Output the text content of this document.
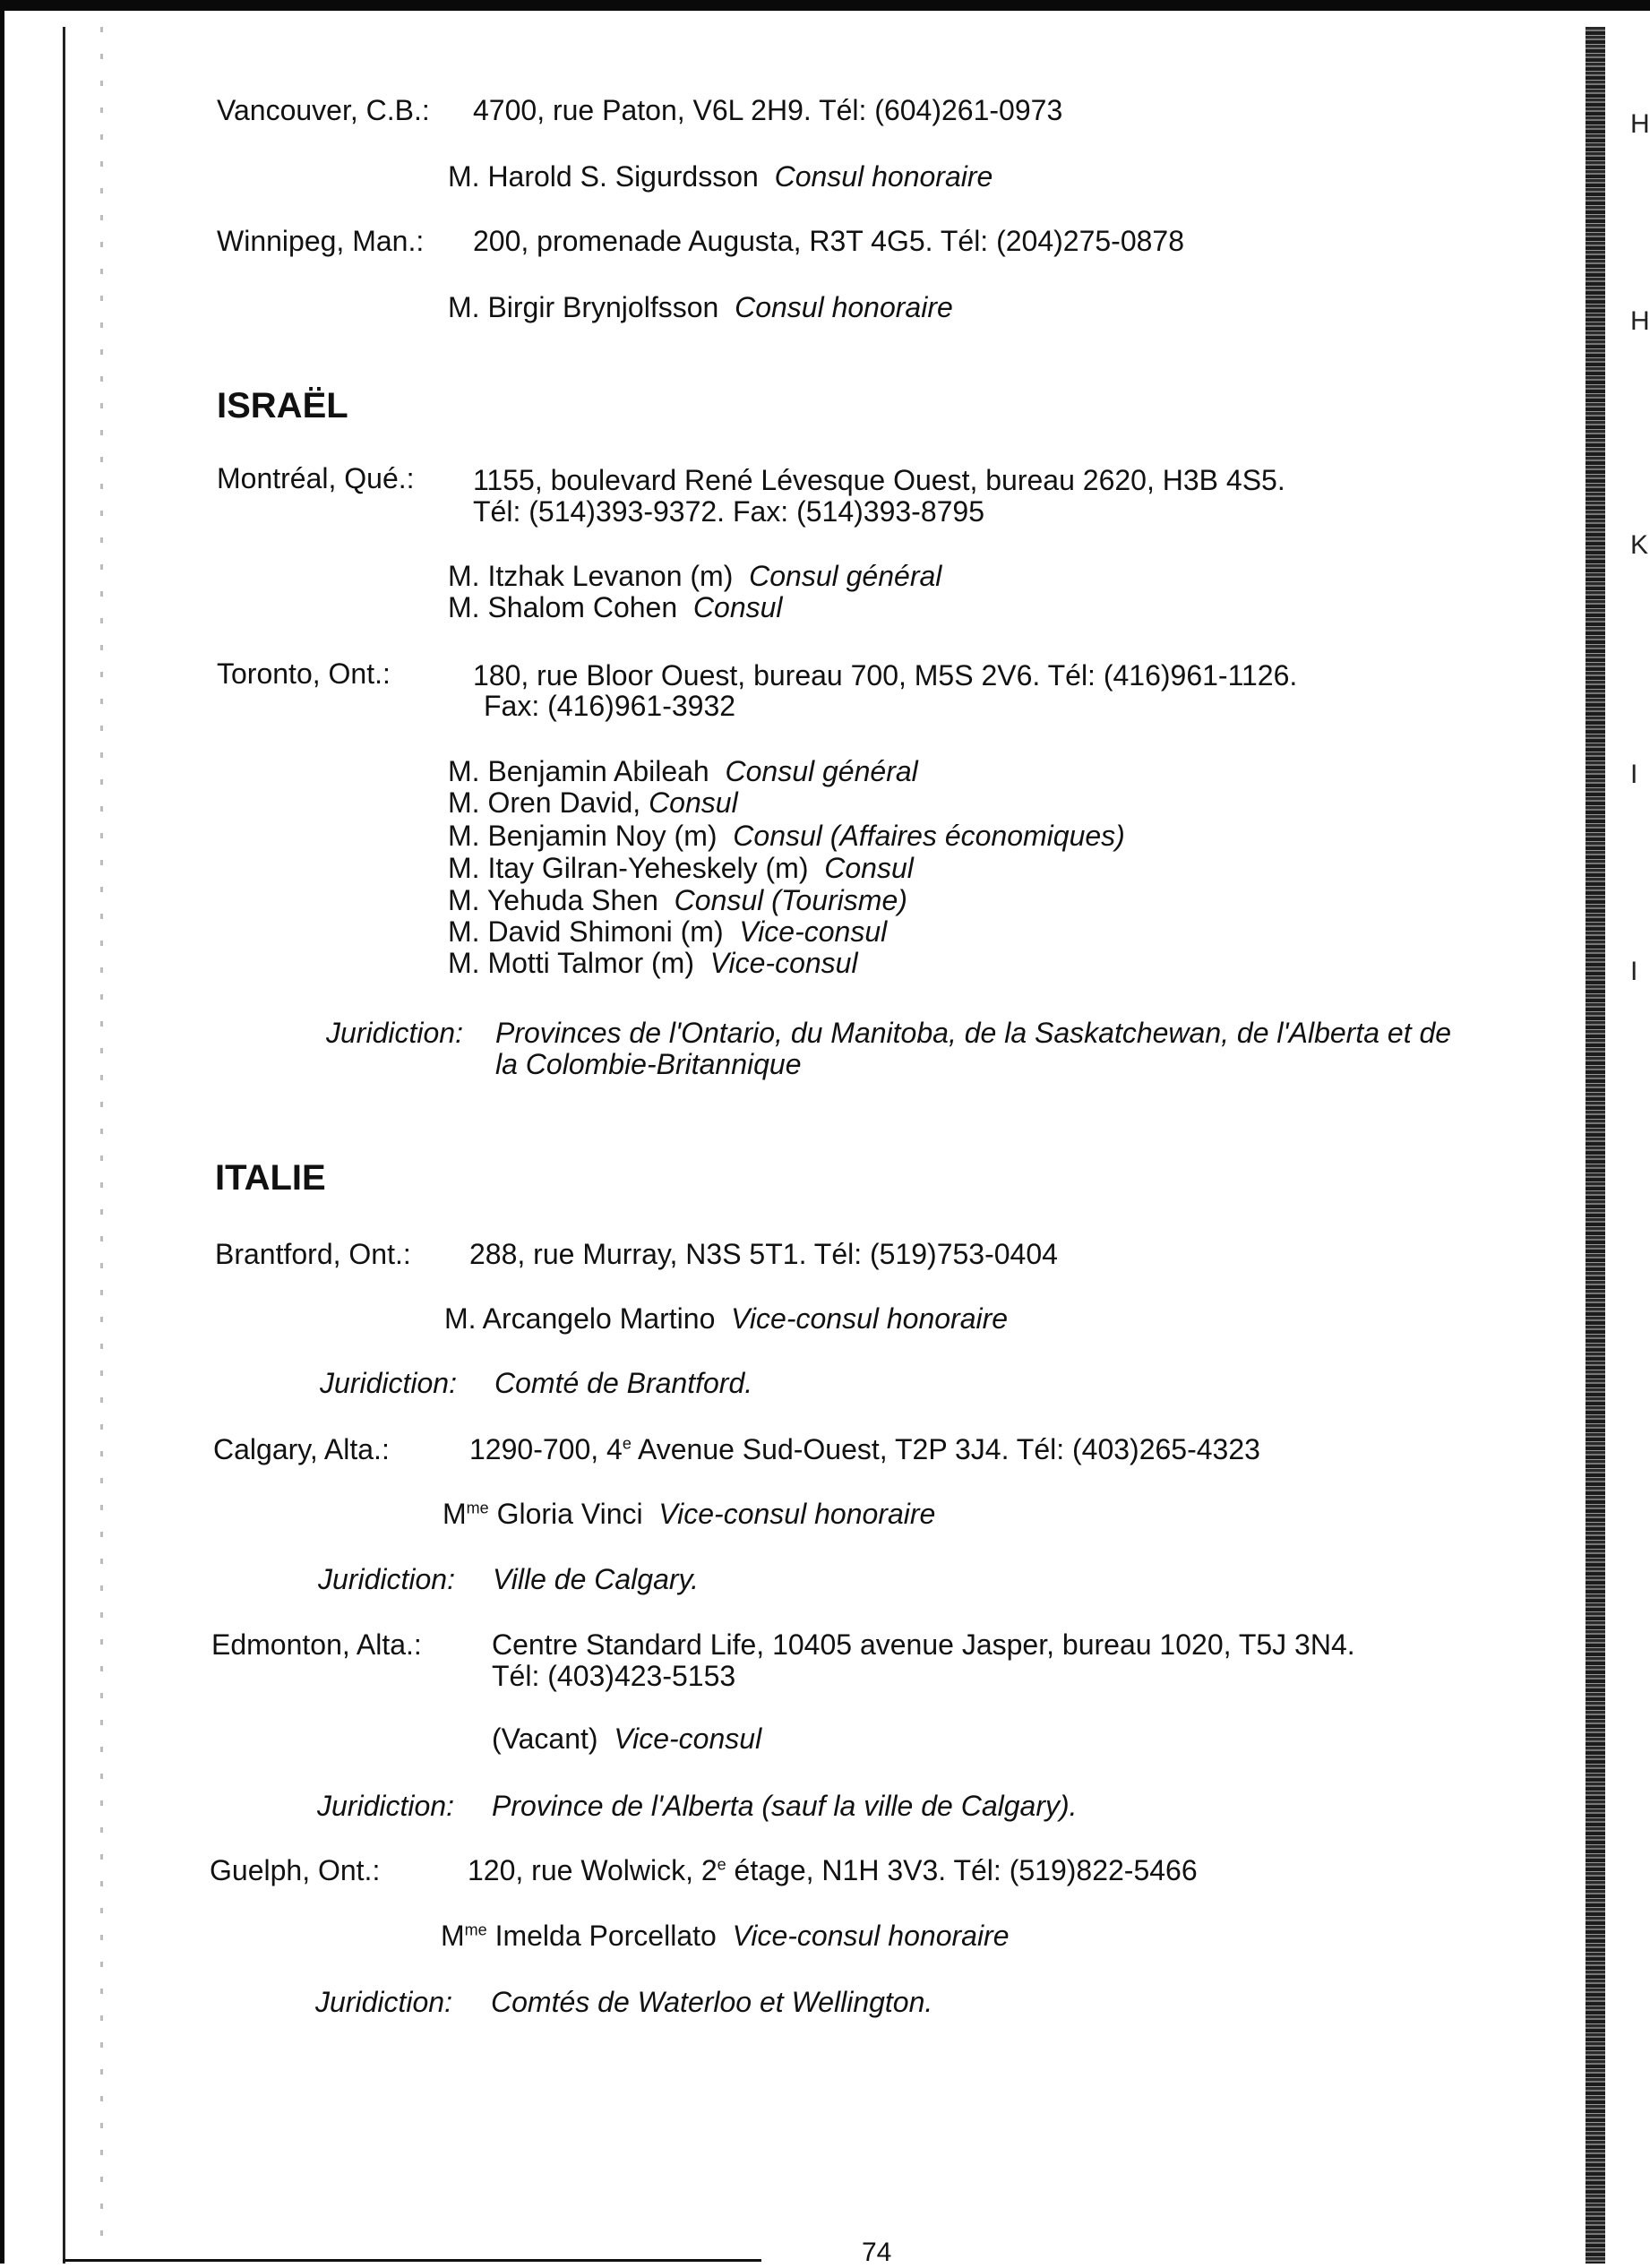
H
H
K
I
I
Vancouver, C.B.: 4700, rue Paton, V6L 2H9. Tél: (604)261-0973
M. Harold S. Sigurdsson Consul honoraire
Winnipeg, Man.: 200, promenade Augusta, R3T 4G5. Tél: (204)275-0878
M. Birgir Brynjolfsson Consul honoraire
ISRAËL
Montréal, Qué.: 1155, boulevard René Lévesque Ouest, bureau 2620, H3B 4S5.
Tél: (514)393-9372. Fax: (514)393-8795
M. Itzhak Levanon (m) Consul général
M. Shalom Cohen Consul
Toronto, Ont.:	180, rue Bloor Ouest, bureau 700, M5S 2V6. Tél: (416)961-1126.
Fax: (416)961-3932
M. Benjamin Abileah Consul général
M. Oren David, Consul
M. Benjamin Noy (m) Consul (Affaires économiques)
M. Itay Gilran-Yeheskely (m) Consul
M. Yehuda Shen Consul (Tourisme)
M. David Shimoni (m) Vice-consul
M. Motti Talmor (m) Vice-consul
Juridiction: Provinces de l'Ontario, du Manitoba, de la Saskatchewan, de l'Alberta et de
la Colombie-Britannique
ITALIE
Brantford, Ont.: 288, rue Murray, N3S 5T1. Tél: (519)753-0404
M. Arcangelo Martino Vice-consul honoraire
Juridiction: Comté de Brantford.
Calgary, Alta.:	1290-700, 4e Avenue Sud-Ouest, T2P 3J4. Tél: (403)265-4323
$M^{me}$ Gloria Vinci Vice-consul honoraire
Juridiction: Ville de Calgary.
Edmonton, Alta.: Centre Standard Life, 10405 avenue Jasper, bureau 1020, T5J 3N4.
Tél: (403)423-5153
(Vacant) Vice-consul
Juridiction: Province de l'Alberta (sauf la ville de Calgary).
Guelph, Ont.:	120, rue Wolwick, 2e étage, N1H 3V3. Tél: (519)822-5466
$M^{me}$ Imelda Porcellato Vice-consul honoraire
Juridiction: Comtés de Waterloo et Wellington.
74
